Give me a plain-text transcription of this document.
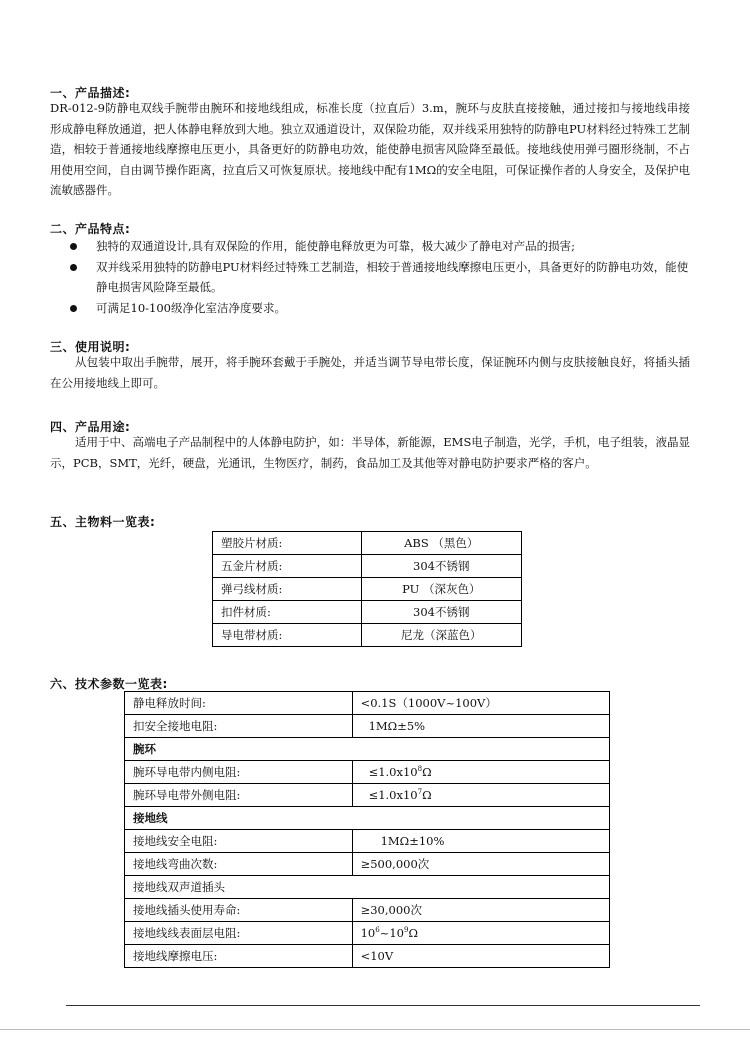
一、产品描述:

DR-012-9防静电双线手腕带由腕环和接地线组成，标准长度（拉直后）3.m，腕环与皮肤直接接触，通过接扣与接地线串接形成静电释放通道，把人体静电释放到大地。独立双通道设计，双保险功能，双并线采用独特的防静电PU材料经过特殊工艺制造，相较于普通接地线摩擦电压更小，具备更好的防静电功效，能使静电损害风险降至最低。接地线使用弹弓圈形绕制，不占用使用空间，自由调节操作距离，拉直后又可恢复原状。接地线中配有1MΩ的安全电阻，可保证操作者的人身安全，及保护电流敏感器件。

二、产品特点:
独特的双通道设计,具有双保险的作用，能使静电释放更为可靠，极大减少了静电对产品的损害;
双并线采用独特的防静电PU材料经过特殊工艺制造，相较于普通接地线摩擦电压更小，具备更好的防静电功效，能使静电损害风险降至最低。
可满足10-100级净化室洁净度要求。
三、使用说明:

从包装中取出手腕带，展开，将手腕环套戴于手腕处，并适当调节导电带长度，保证腕环内侧与皮肤接触良好，将插头插在公用接地线上即可。

四、产品用途:

适用于中、高端电子产品制程中的人体静电防护，如：半导体，新能源，EMS电子制造，光学，手机，电子组装，液晶显示，PCB，SMT，光纤，硬盘，光通讯，生物医疗，制药，食品加工及其他等对静电防护要求严格的客户。

五、主物料一览表:
塑胶片材质:	ABS （黑色）
五金片材质:	304不锈钢
弹弓线材质:	PU （深灰色）
扣件材质:	304不锈钢
导电带材质:	尼龙（深蓝色）
六、技术参数一览表:
静电释放时间:	<0.1S（1000V~100V）
扣安全接地电阻:	1MΩ±5%
腕环	
腕环导电带内侧电阻:	$\le 1.0x10^8\Omega$
腕环导电带外侧电阻:	$\le 1.0x10^7\Omega$
接地线	
接地线安全电阻:	1MΩ±10%
接地线弯曲次数:	≥500,000次
接地线双声道插头	
接地线插头使用寿命:	≥30,000次
接地线线表面层电阻:	$10^6\sim 10^9\Omega$
接地线摩擦电压:	<10V
